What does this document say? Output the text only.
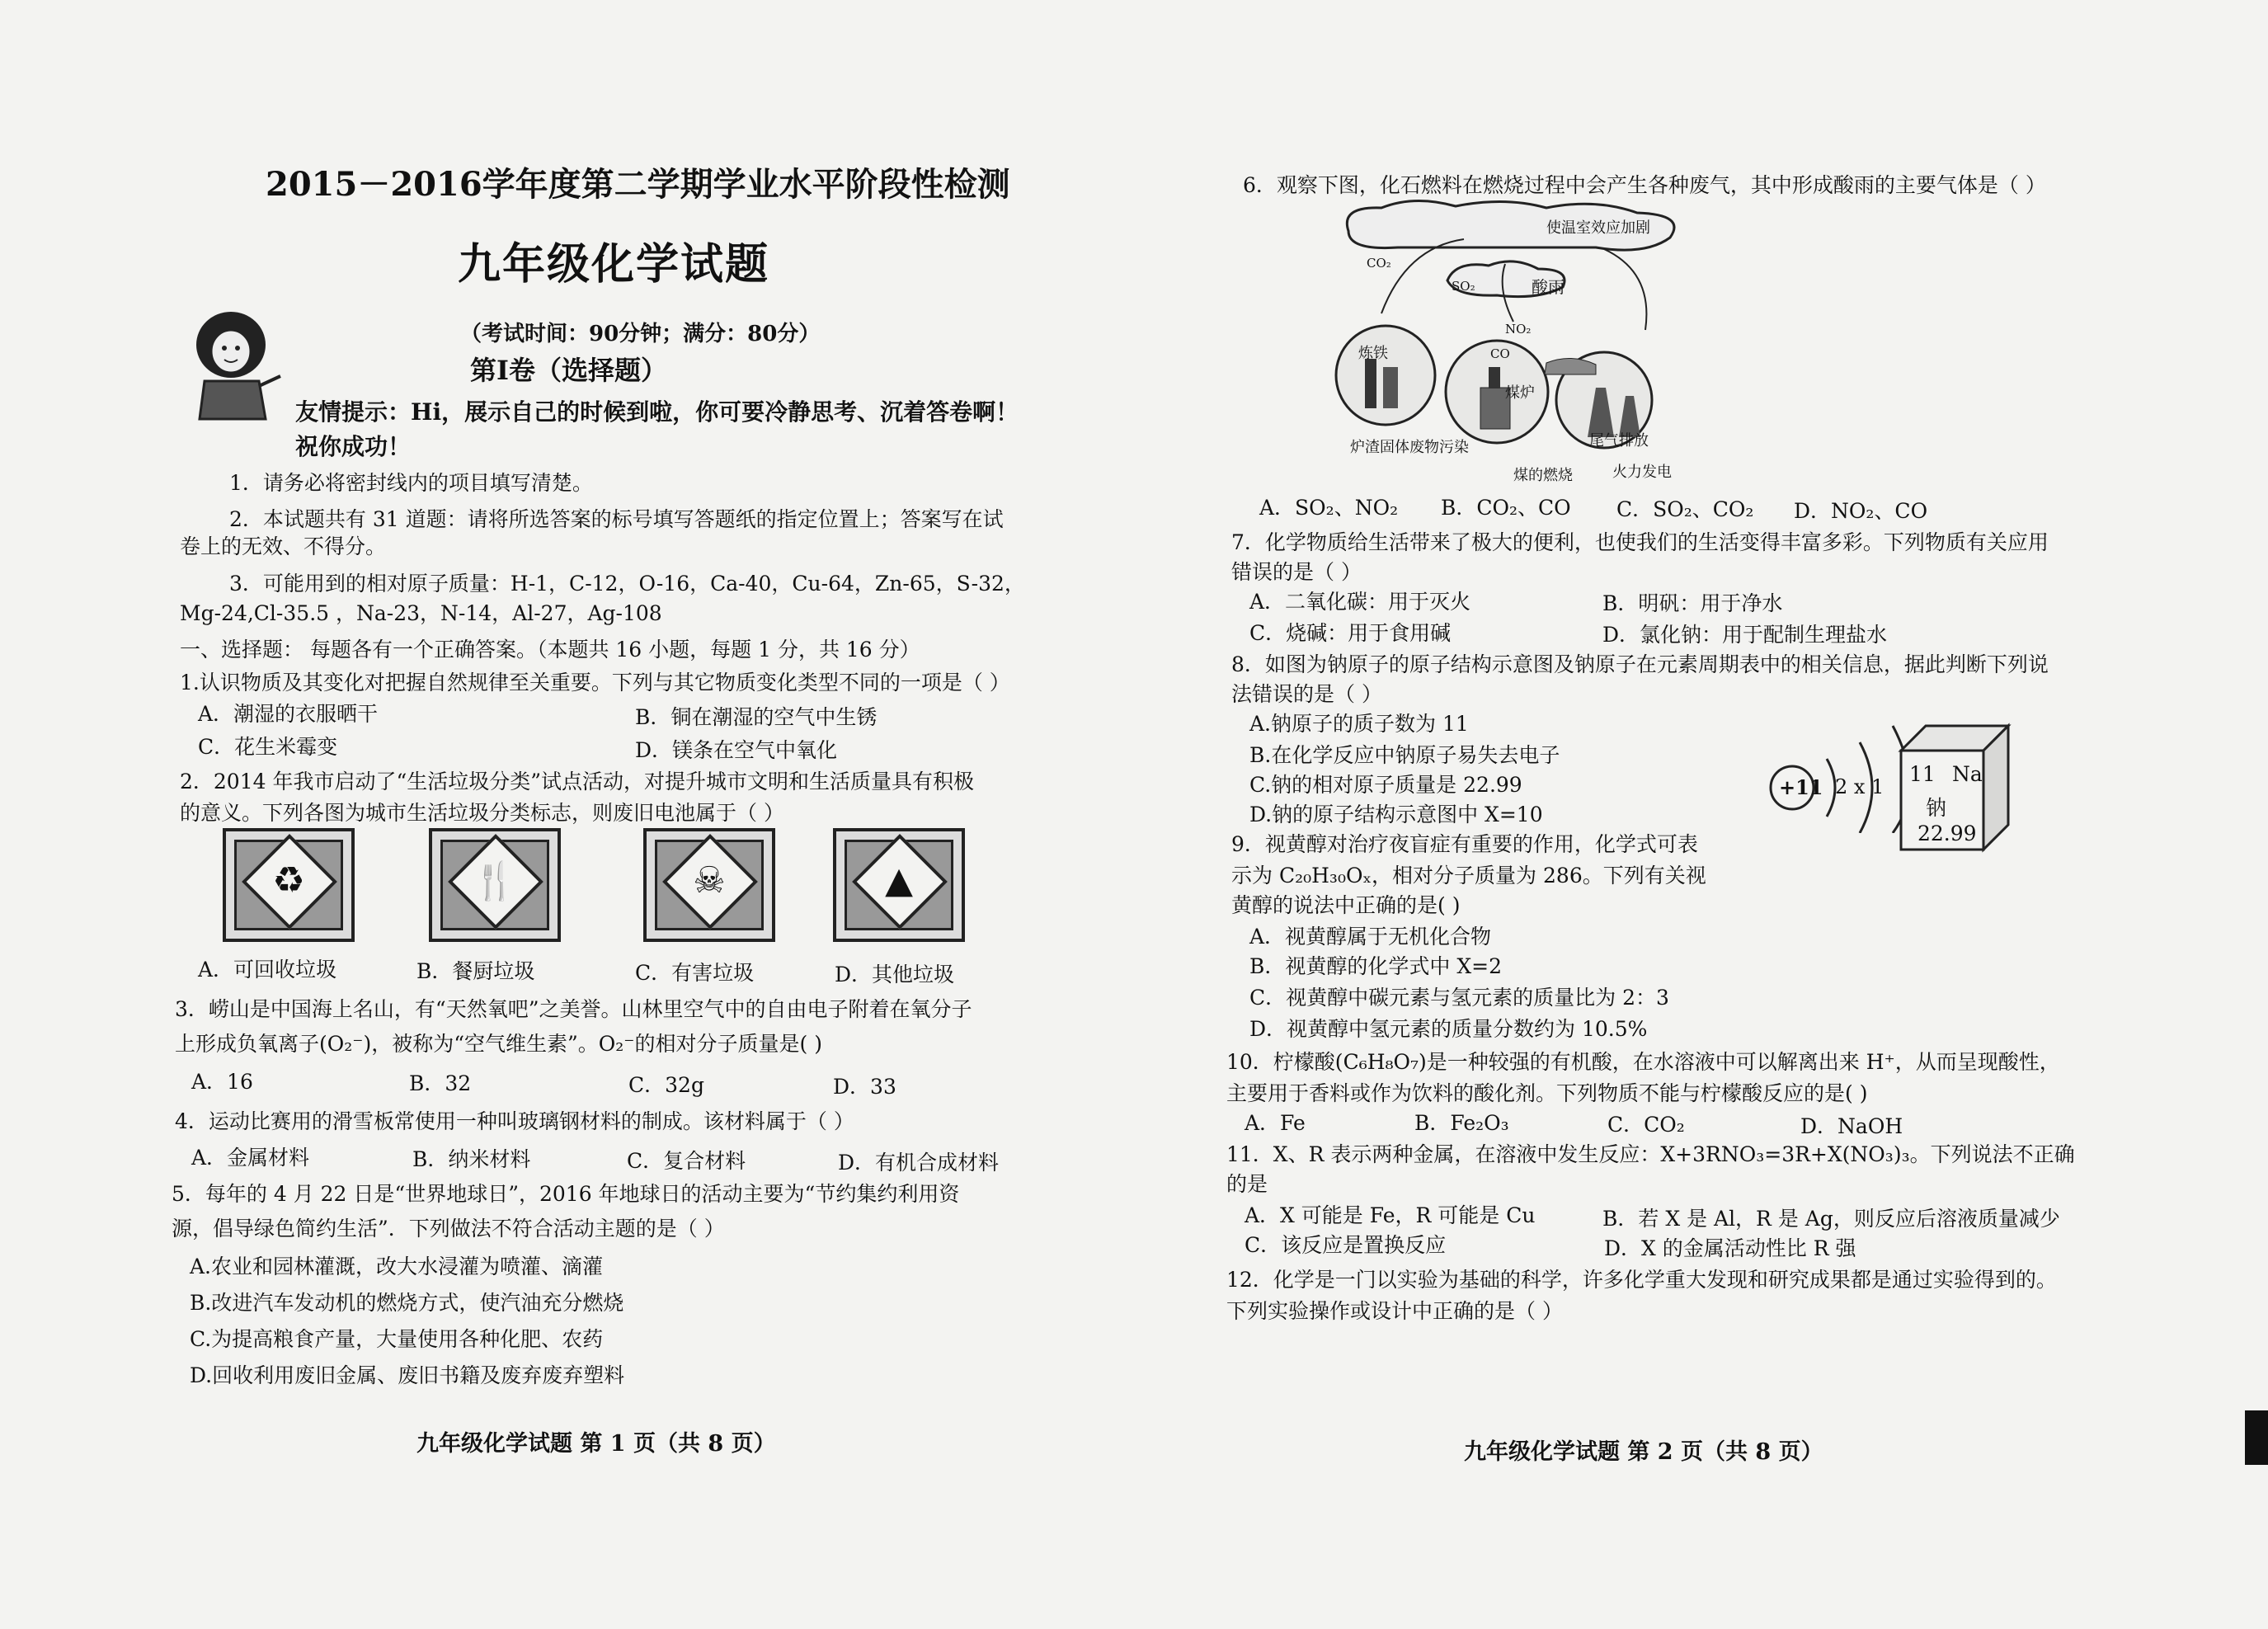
2015－2016学年度第二学期学业水平阶段性检测
九年级化学试题
（考试时间：90分钟；满分：80分）
第Ⅰ卷（选择题）
友情提示：Hi，展示自己的时候到啦，你可要冷静思考、沉着答卷啊！
祝你成功！
1．请务必将密封线内的项目填写清楚。
2．本试题共有 31 道题：请将所选答案的标号填写答题纸的指定位置上；答案写在试
卷上的无效、不得分。
3．可能用到的相对原子质量：H-1，C-12，O-16，Ca-40，Cu-64，Zn-65，S-32，
Mg-24,Cl-35.5 ，Na-23，N-14，Al-27，Ag-108
一、选择题： 每题各有一个正确答案。（本题共 16 小题，每题 1 分，共 16 分）
1.认识物质及其变化对把握自然规律至关重要。下列与其它物质变化类型不同的一项是（ ）
A．潮湿的衣服晒干	B．铜在潮湿的空气中生锈
C．花生米霉变	D．镁条在空气中氧化
2．2014 年我市启动了“生活垃圾分类”试点活动，对提升城市文明和生活质量具有积极
的意义。下列各图为城市生活垃圾分类标志，则废旧电池属于（ ）
♻	🍴	☠	▲
A．可回收垃圾	B．餐厨垃圾	C．有害垃圾	D．其他垃圾
3．崂山是中国海上名山，有“天然氧吧”之美誉。山林里空气中的自由电子附着在氧分子
上形成负氧离子(O₂⁻)，被称为“空气维生素”。O₂⁻的相对分子质量是( )
A．16	B．32	C．32g	D．33
4．运动比赛用的滑雪板常使用一种叫玻璃钢材料的制成。该材料属于（ ）
A．金属材料	B．纳米材料	C．复合材料	D．有机合成材料
5．每年的 4 月 22 日是“世界地球日”，2016 年地球日的活动主要为“节约集约利用资
源，倡导绿色简约生活”．下列做法不符合活动主题的是（ ）
A.农业和园林灌溉，改大水浸灌为喷灌、滴灌
B.改进汽车发动机的燃烧方式，使汽油充分燃烧
C.为提高粮食产量，大量使用各种化肥、农药
D.回收利用废旧金属、废旧书籍及废弃废弃塑料
九年级化学试题 第 1 页（共 8 页）
6．观察下图，化石燃料在燃烧过程中会产生各种废气，其中形成酸雨的主要气体是（ ）
使温室效应加剧
酸雨
CO₂
SO₂
NO₂
CO
炼铁
煤炉
炉渣固体废物污染	尾气排放
煤的燃烧	火力发电
A．SO₂、NO₂ B．CO₂、CO C．SO₂、CO₂ D．NO₂、CO
7．化学物质给生活带来了极大的便利，也使我们的生活变得丰富多彩。下列物质有关应用
错误的是（ ）
A．二氧化碳：用于灭火	B．明矾：用于净水
C．烧碱：用于食用碱	D．氯化钠：用于配制生理盐水
8．如图为钠原子的原子结构示意图及钠原子在元素周期表中的相关信息，据此判断下列说
法错误的是（ ）
A.钠原子的质子数为 11
B.在化学反应中钠原子易失去电子
C.钠的相对原子质量是 22.99
D.钠的原子结构示意图中 X=10
+11 2 x 1
11 Na
钠
22.99
9．视黄醇对治疗夜盲症有重要的作用，化学式可表
示为 C₂₀H₃₀Oₓ，相对分子质量为 286。下列有关视
黄醇的说法中正确的是( )
A．视黄醇属于无机化合物
B．视黄醇的化学式中 X=2
C．视黄醇中碳元素与氢元素的质量比为 2：3
D．视黄醇中氢元素的质量分数约为 10.5%
10．柠檬酸(C₆H₈O₇)是一种较强的有机酸，在水溶液中可以解离出来 H⁺，从而呈现酸性，
主要用于香料或作为饮料的酸化剂。下列物质不能与柠檬酸反应的是( )
A．Fe	B．Fe₂O₃	C．CO₂	D．NaOH
11．X、R 表示两种金属，在溶液中发生反应：X+3RNO₃=3R+X(NO₃)₃。下列说法不正确
的是
A．X 可能是 Fe，R 可能是 Cu	B．若 X 是 Al，R 是 Ag，则反应后溶液质量减少
C．该反应是置换反应	D．X 的金属活动性比 R 强
12．化学是一门以实验为基础的科学，许多化学重大发现和研究成果都是通过实验得到的。
下列实验操作或设计中正确的是（ ）
九年级化学试题 第 2 页（共 8 页）
